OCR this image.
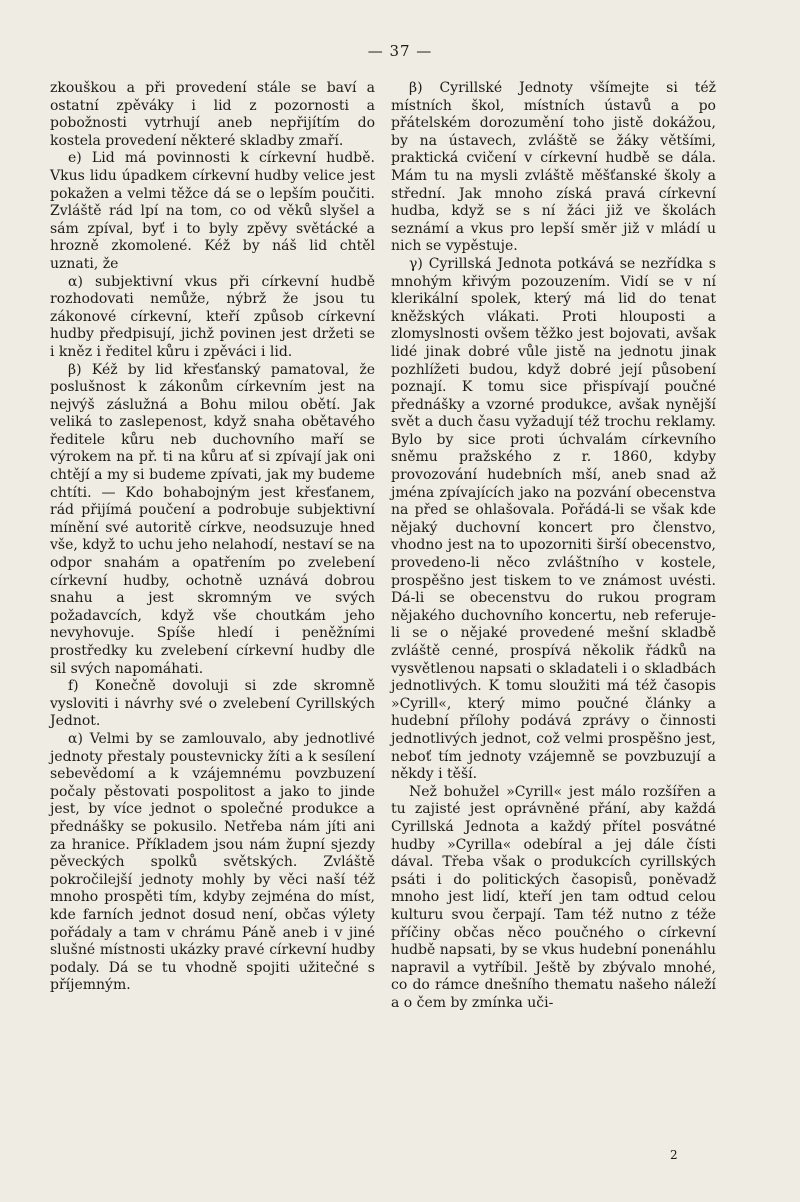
— 37 —

zkouškou a při provedení stále se baví a ostatní zpěváky i lid z pozornosti a pobožnosti vytrhují aneb nepřijítím do kostela provedení některé skladby zmaří.

e) Lid má povinnosti k církevní hudbě. Vkus lidu úpadkem církevní hudby velice jest pokažen a velmi těžce dá se o lepším poučiti. Zvláště rád lpí na tom, co od věků slyšel a sám zpíval, byť i to byly zpěvy světácké a hrozně zkomolené. Kéž by náš lid chtěl uznati, že

α) subjektivní vkus při církevní hudbě rozhodovati nemůže, nýbrž že jsou tu zákonové církevní, kteří způsob církevní hudby předpisují, jichž povinen jest držeti se i kněz i ředitel kůru i zpěváci i lid.

β) Kéž by lid křesťanský pamatoval, že poslušnost k zákonům církevním jest na nejvýš záslužná a Bohu milou obětí. Jak veliká to zaslepenost, když snaha obětavého ředitele kůru neb duchovního maří se výrokem na př. ti na kůru ať si zpívají jak oni chtějí a my si budeme zpívati, jak my budeme chtíti. — Kdo bohabojným jest křesťanem, rád přijímá poučení a podrobuje subjektivní mínění své autoritě církve, neodsuzuje hned vše, když to uchu jeho nelahodí, nestaví se na odpor snahám a opatřením po zvelebení církevní hudby, ochotně uznává dobrou snahu a jest skromným ve svých požadavcích, když vše choutkám jeho nevyhovuje. Spíše hledí i peněžními prostředky ku zvelebení církevní hudby dle sil svých napomáhati.

f) Konečně dovoluji si zde skromně vysloviti i návrhy své o zvelebení Cyrillských Jednot.

α) Velmi by se zamlouvalo, aby jednotlivé jednoty přestaly poustevnicky žíti a k sesílení sebevědomí a k vzájemnému povzbuzení počaly pěstovati pospolitost a jako to jinde jest, by více jednot o společné produkce a přednášky se pokusilo. Netřeba nám jíti ani za hranice. Příkladem jsou nám župní sjezdy pěveckých spolků světských. Zvláště pokročilejší jednoty mohly by věci naší též mnoho prospěti tím, kdyby zejména do míst, kde farních jednot dosud není, občas výlety pořádaly a tam v chrámu Páně aneb i v jiné slušné místnosti ukázky pravé církevní hudby podaly. Dá se tu vhodně spojiti užitečné s příjemným.

β) Cyrillské Jednoty všímejte si též místních škol, místních ústavů a po přátelském dorozumění toho jistě dokážou, by na ústavech, zvláště se žáky většími, praktická cvičení v církevní hudbě se dála. Mám tu na mysli zvláště měšťanské školy a střední. Jak mnoho získá pravá církevní hudba, když se s ní žáci již ve školách seznámí a vkus pro lepší směr již v mládí u nich se vypěstuje.

γ) Cyrillská Jednota potkává se nezřídka s mnohým křivým pozouzením. Vidí se v ní klerikální spolek, který má lid do tenat kněžských vlákati. Proti hlouposti a zlomyslnosti ovšem těžko jest bojovati, avšak lidé jinak dobré vůle jistě na jednotu jinak pozhlížeti budou, když dobré její působení poznají. K tomu sice přispívají poučné přednášky a vzorné produkce, avšak nynější svět a duch času vyžadují též trochu reklamy. Bylo by sice proti úchvalám církevního sněmu pražského z r. 1860, kdyby provozování hudebních mší, aneb snad až jména zpívajících jako na pozvání obecenstva na před se ohlašovala. Pořádá-li se však kde nějaký duchovní koncert pro členstvo, vhodno jest na to upozorniti širší obecenstvo, provedeno-li něco zvláštního v kostele, prospěšno jest tiskem to ve známost uvésti. Dá-li se obecenstvu do rukou program nějakého duchovního koncertu, neb referuje-li se o nějaké provedené mešní skladbě zvláště cenné, prospívá několik řádků na vysvětlenou napsati o skladateli i o skladbách jednotlivých. K tomu sloužiti má též časopis »Cyrill«, který mimo poučné články a hudební přílohy podává zprávy o činnosti jednotlivých jednot, což velmi prospěšno jest, neboť tím jednoty vzájemně se povzbuzují a někdy i těší.

Než bohužel »Cyrill« jest málo rozšířen a tu zajisté jest oprávněné přání, aby každá Cyrillská Jednota a každý přítel posvátné hudby »Cyrilla« odebíral a jej dále čísti dával. Třeba však o produkcích cyrillských psáti i do politických časopisů, poněvadž mnoho jest lidí, kteří jen tam odtud celou kulturu svou čerpají. Tam též nutno z téže příčiny občas něco poučného o církevní hudbě napsati, by se vkus hudební ponenáhlu napravil a vytříbil. Ještě by zbývalo mnohé, co do rámce dnešního thematu našeho náleží a o čem by zmínka uči-

2
